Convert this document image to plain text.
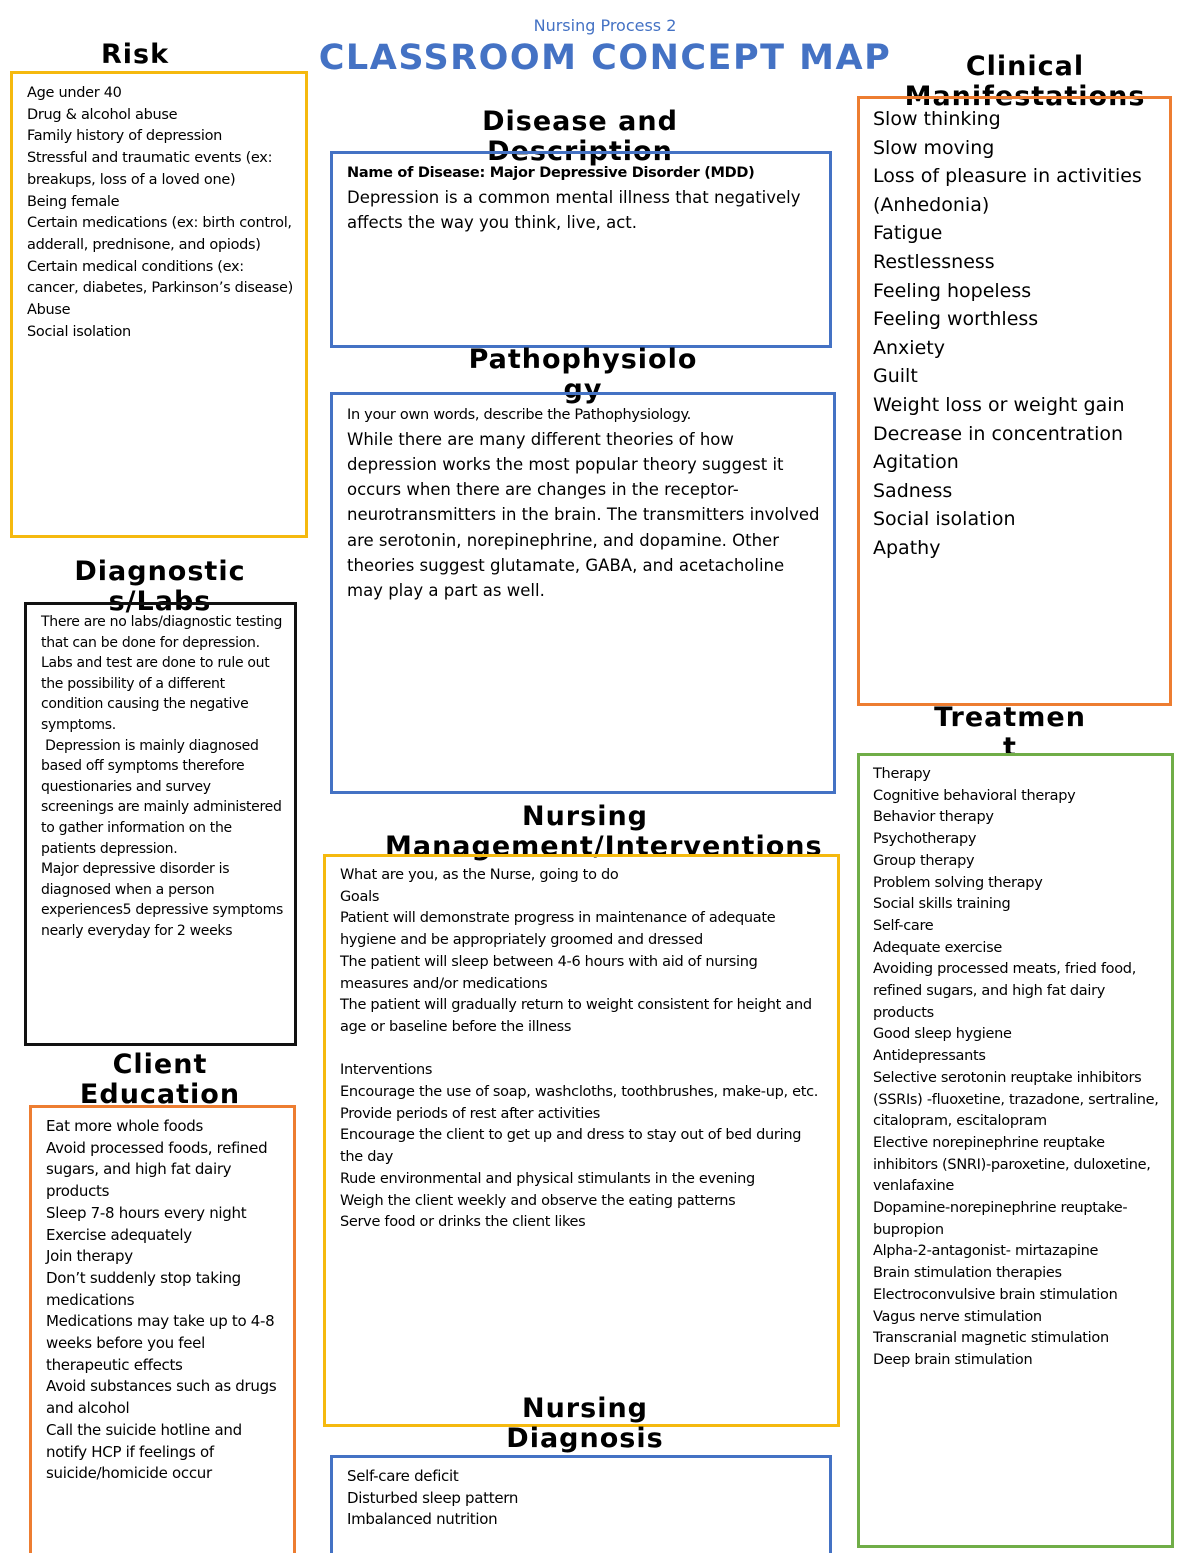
Nursing Process 2
CLASSROOM CONCEPT MAP
Risk
Age under 40
Drug & alcohol abuse
Family history of depression
Stressful and traumatic events (ex: breakups, loss of a loved one)
Being female
Certain medications (ex: birth control, adderall, prednisone, and opiods)
Certain medical conditions (ex: cancer, diabetes, Parkinson’s disease)
Abuse
Social isolation
Disease and Description
Name of Disease: Major Depressive Disorder (MDD)
Depression is a common mental illness that negatively affects the way you think, live, act.
Pathophysiology
In your own words, describe the Pathophysiology.
While there are many different theories of how depression works the most popular theory suggest it occurs when there are changes in the receptor-neurotransmitters in the brain. The transmitters involved are serotonin, norepinephrine, and dopamine. Other theories suggest glutamate, GABA, and acetacholine may play a part as well.
Clinical Manifestations
Slow thinking
Slow moving
Loss of pleasure in activities (Anhedonia)
Fatigue
Restlessness
Feeling hopeless
Feeling worthless
Anxiety
Guilt
Weight loss or weight gain
Decrease in concentration
Agitation
Sadness
Social isolation
Apathy
Diagnostics/Labs
There are no labs/diagnostic testing that can be done for depression. Labs and test are done to rule out the possibility of a different condition causing the negative symptoms.
Depression is mainly diagnosed based off symptoms therefore questionaries and survey screenings are mainly administered to gather information on the patients depression.
Major depressive disorder is diagnosed when a person experiences5 depressive symptoms nearly everyday for 2 weeks
Nursing Management/Interventions
What are you, as the Nurse, going to do
Goals
Patient will demonstrate progress in maintenance of adequate hygiene and be appropriately groomed and dressed
The patient will sleep between 4-6 hours with aid of nursing measures and/or medications
The patient will gradually return to weight consistent for height and age or baseline before the illness
Interventions
Encourage the use of soap, washcloths, toothbrushes, make-up, etc.
Provide periods of rest after activities
Encourage the client to get up and dress to stay out of bed during the day
Rude environmental and physical stimulants in the evening
Weigh the client weekly and observe the eating patterns
Serve food or drinks the client likes
Treatment
Therapy
Cognitive behavioral therapy
Behavior therapy
Psychotherapy
Group therapy
Problem solving therapy
Social skills training
Self-care
Adequate exercise
Avoiding processed meats, fried food, refined sugars, and high fat dairy products
Good sleep hygiene
Antidepressants
Selective serotonin reuptake inhibitors (SSRIs) -fluoxetine, trazadone, sertraline, citalopram, escitalopram
Elective norepinephrine reuptake inhibitors (SNRI)-paroxetine, duloxetine, venlafaxine
Dopamine-norepinephrine reuptake-bupropion
Alpha-2-antagonist- mirtazapine
Brain stimulation therapies
Electroconvulsive brain stimulation
Vagus nerve stimulation
Transcranial magnetic stimulation
Deep brain stimulation
Client Education
Eat more whole foods
Avoid processed foods, refined sugars, and high fat dairy products
Sleep 7-8 hours every night
Exercise adequately
Join therapy
Don’t suddenly stop taking medications
Medications may take up to 4-8 weeks before you feel therapeutic effects
Avoid substances such as drugs and alcohol
Call the suicide hotline and notify HCP if feelings of suicide/homicide occur
Nursing Diagnosis
Self-care deficit
Disturbed sleep pattern
Imbalanced nutrition
